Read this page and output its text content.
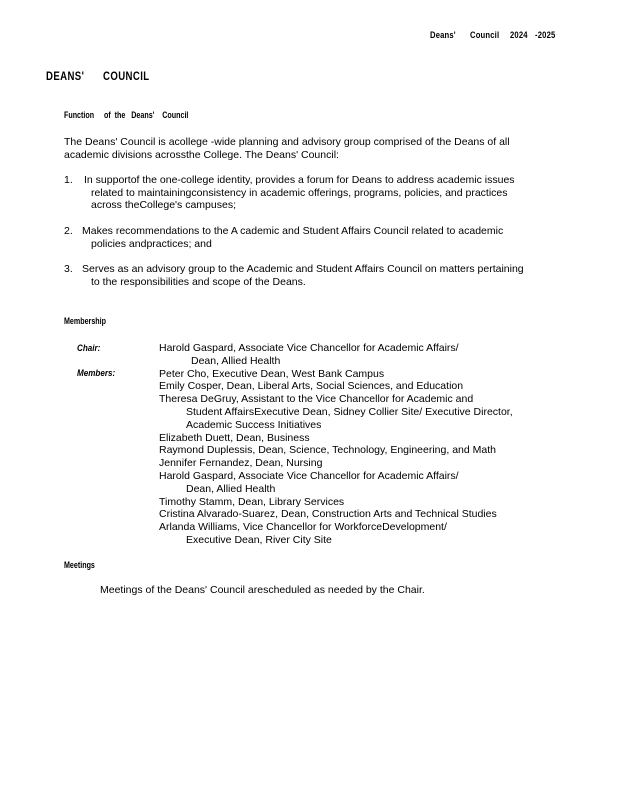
Deans' Council 2024 -2025
DEANS' COUNCIL
Function     of  the   Deans'    Council
The Deans' Council is acollege -wide planning and advisory group comprised of the Deans of all
academic divisions acrossthe College. The Deans' Council:
1. In supportof the one-college identity, provides a forum for Deans to address academic issues
related to maintainingconsistency in academic offerings, programs, policies, and practices
across theCollege's campuses;
2. Makes recommendations to the A cademic and Student Affairs Council related to academic
policies andpractices; and
3. Serves as an advisory group to the Academic and Student Affairs Council on matters pertaining
to the responsibilities and scope of the Deans.
Membership
Chair:
Members:
Harold Gaspard, Associate Vice Chancellor for Academic Affairs/
Dean, Allied Health
Peter Cho, Executive Dean, West Bank Campus
Emily Cosper, Dean, Liberal Arts, Social Sciences, and Education
Theresa DeGruy, Assistant to the Vice Chancellor for Academic and
Student AffairsExecutive Dean, Sidney Collier Site/ Executive Director,
Academic Success Initiatives
Elizabeth Duett, Dean, Business
Raymond Duplessis, Dean, Science, Technology, Engineering, and Math
Jennifer Fernandez, Dean, Nursing
Harold Gaspard, Associate Vice Chancellor for Academic Affairs/
Dean, Allied Health
Timothy Stamm, Dean, Library Services
Cristina Alvarado-Suarez, Dean, Construction Arts and Technical Studies
Arlanda Williams, Vice Chancellor for WorkforceDevelopment/
Executive Dean, River City Site
Meetings
Meetings of the Deans' Council arescheduled as needed by the Chair.
